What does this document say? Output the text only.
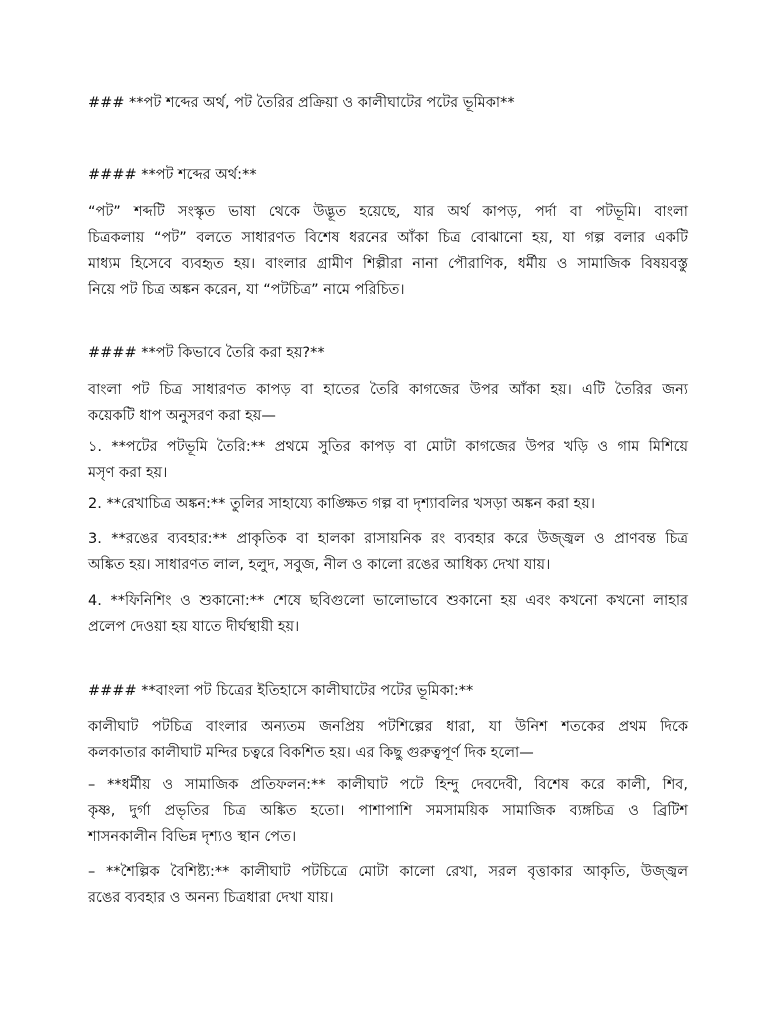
### **পট শব্দের অর্থ, পট তৈরির প্রক্রিয়া ও কালীঘাটের পটের ভূমিকা**
#### **পট শব্দের অর্থ:**
“পট” শব্দটি সংস্কৃত ভাষা থেকে উদ্ভূত হয়েছে, যার অর্থ কাপড়, পর্দা বা পটভূমি। বাংলা
চিত্রকলায় “পট” বলতে সাধারণত বিশেষ ধরনের আঁকা চিত্র বোঝানো হয়, যা গল্প বলার একটি
মাধ্যম হিসেবে ব্যবহৃত হয়। বাংলার গ্রামীণ শিল্পীরা নানা পৌরাণিক, ধর্মীয় ও সামাজিক বিষয়বস্তু
নিয়ে পট চিত্র অঙ্কন করেন, যা “পটচিত্র” নামে পরিচিত।
#### **পট কিভাবে তৈরি করা হয়?**
বাংলা পট চিত্র সাধারণত কাপড় বা হাতের তৈরি কাগজের উপর আঁকা হয়। এটি তৈরির জন্য
কয়েকটি ধাপ অনুসরণ করা হয়—
১. **পটের পটভূমি তৈরি:** প্রথমে সুতির কাপড় বা মোটা কাগজের উপর খড়ি ও গাম মিশিয়ে
মসৃণ করা হয়।
2. **রেখাচিত্র অঙ্কন:** তুলির সাহায্যে কাঙ্ক্ষিত গল্প বা দৃশ্যাবলির খসড়া অঙ্কন করা হয়।
3. **রঙের ব্যবহার:** প্রাকৃতিক বা হালকা রাসায়নিক রং ব্যবহার করে উজ্জ্বল ও প্রাণবন্ত চিত্র
অঙ্কিত হয়। সাধারণত লাল, হলুদ, সবুজ, নীল ও কালো রঙের আধিক্য দেখা যায়।
4. **ফিনিশিং ও শুকানো:** শেষে ছবিগুলো ভালোভাবে শুকানো হয় এবং কখনো কখনো লাহার
প্রলেপ দেওয়া হয় যাতে দীর্ঘস্থায়ী হয়।
#### **বাংলা পট চিত্রের ইতিহাসে কালীঘাটের পটের ভূমিকা:**
কালীঘাট পটচিত্র বাংলার অন্যতম জনপ্রিয় পটশিল্পের ধারা, যা উনিশ শতকের প্রথম দিকে
কলকাতার কালীঘাট মন্দির চত্বরে বিকশিত হয়। এর কিছু গুরুত্বপূর্ণ দিক হলো—
– **ধর্মীয় ও সামাজিক প্রতিফলন:** কালীঘাট পটে হিন্দু দেবদেবী, বিশেষ করে কালী, শিব,
কৃষ্ণ, দুর্গা প্রভৃতির চিত্র অঙ্কিত হতো। পাশাপাশি সমসাময়িক সামাজিক ব্যঙ্গচিত্র ও ব্রিটিশ
শাসনকালীন বিভিন্ন দৃশ্যও স্থান পেত।
– **শৈল্পিক বৈশিষ্ট্য:** কালীঘাট পটচিত্রে মোটা কালো রেখা, সরল বৃত্তাকার আকৃতি, উজ্জ্বল
রঙের ব্যবহার ও অনন্য চিত্রধারা দেখা যায়।
